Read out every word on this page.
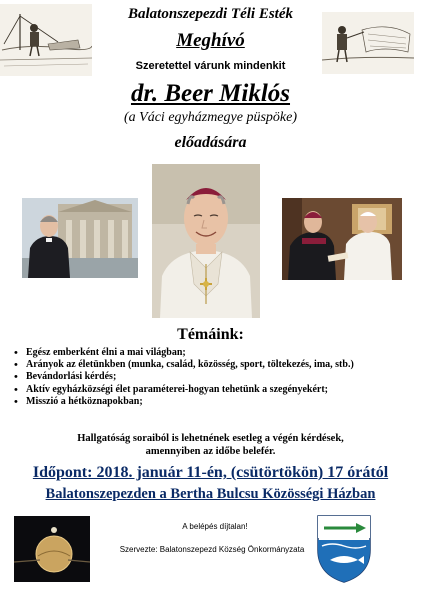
Balatonszepezdi Téli Esték
Meghívó
Szeretettel várunk mindenkit
dr. Beer Miklós
(a Váci egyházmegye püspöke)
előadására
Témáink:
• Egész emberként élni a mai világban;
• Arányok az életünkben (munka, család, közösség, sport, töltekezés, ima, stb.)
• Bevándorlási kérdés;
• Aktív egyházközségi élet paraméterei-hogyan tehetünk a szegényekért;
• Misszió a hétköznapokban;
Hallgatóság soraiból is lehetnének esetleg a végén kérdések,
amennyiben az időbe belefér.
Időpont: 2018. január 11-én, (csütörtökön) 17 órától
Balatonszepezden a Bertha Bulcsu Közösségi Házban
A belépés díjtalan!
Szervezte: Balatonszepezd Község Önkormányzata
